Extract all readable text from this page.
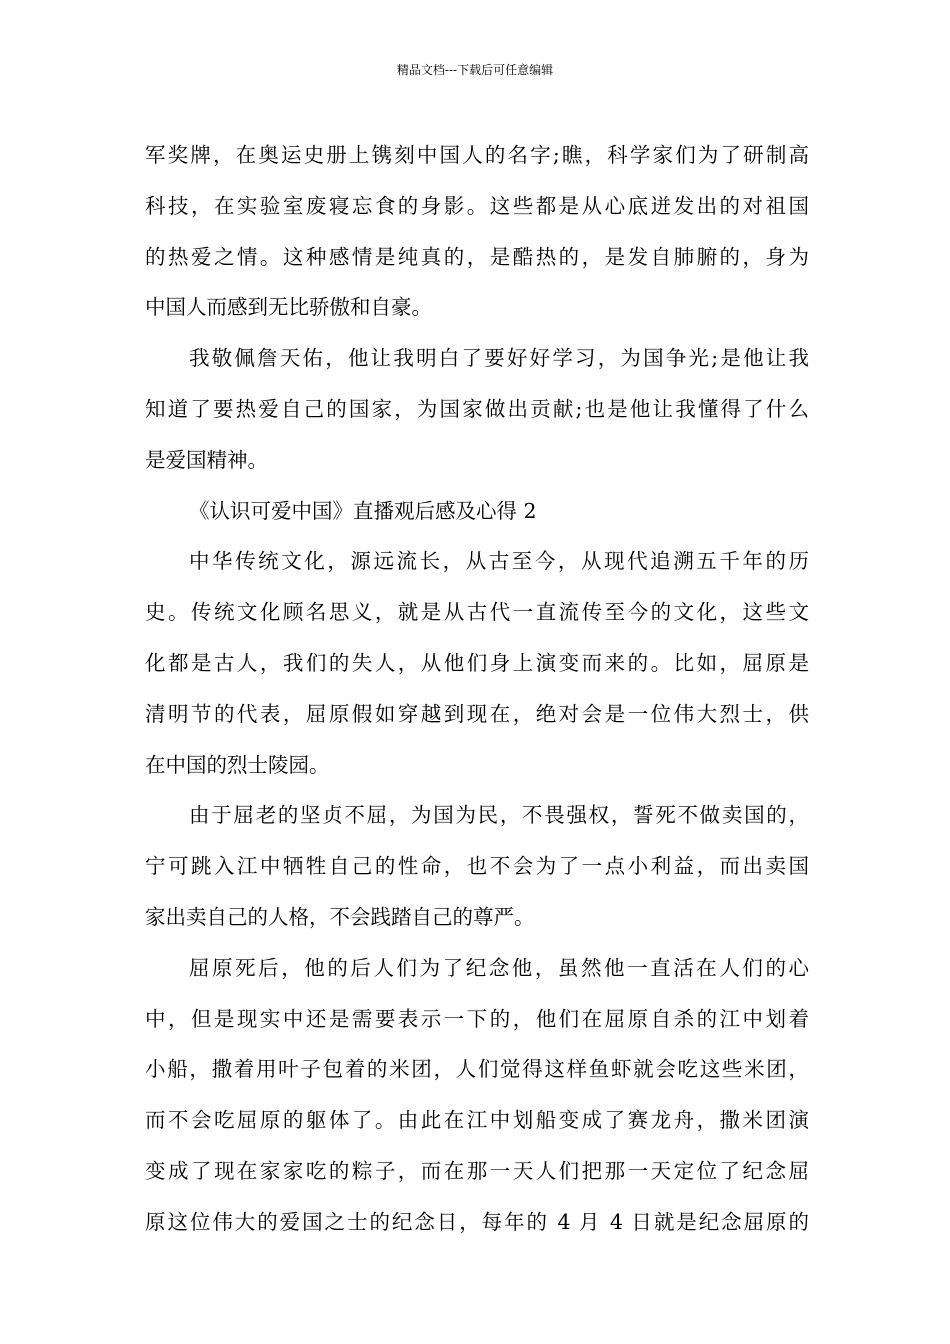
精品文档---下载后可任意编辑

军奖牌，在奥运史册上镌刻中国人的名字;瞧，科学家们为了研制高
科技，在实验室废寝忘食的身影。这些都是从心底迸发出的对祖国
的热爱之情。这种感情是纯真的，是酷热的，是发自肺腑的，身为
中国人而感到无比骄傲和自豪。

我敬佩詹天佑，他让我明白了要好好学习，为国争光;是他让我
知道了要热爱自己的国家，为国家做出贡献;也是他让我懂得了什么
是爱国精神。

《认识可爱中国》直播观后感及心得 2

中华传统文化，源远流长，从古至今，从现代追溯五千年的历
史。传统文化顾名思义，就是从古代一直流传至今的文化，这些文
化都是古人，我们的失人，从他们身上演变而来的。比如，屈原是
清明节的代表，屈原假如穿越到现在，绝对会是一位伟大烈士，供
在中国的烈士陵园。

由于屈老的坚贞不屈，为国为民，不畏强权，誓死不做卖国的，
宁可跳入江中牺牲自己的性命，也不会为了一点小利益，而出卖国
家出卖自己的人格，不会践踏自己的尊严。

屈原死后，他的后人们为了纪念他，虽然他一直活在人们的心
中，但是现实中还是需要表示一下的，他们在屈原自杀的江中划着
小船，撒着用叶子包着的米团，人们觉得这样鱼虾就会吃这些米团，
而不会吃屈原的躯体了。由此在江中划船变成了赛龙舟，撒米团演
变成了现在家家吃的粽子，而在那一天人们把那一天定位了纪念屈
原这位伟大的爱国之士的纪念日，每年的 4 月 4 日就是纪念屈原的
